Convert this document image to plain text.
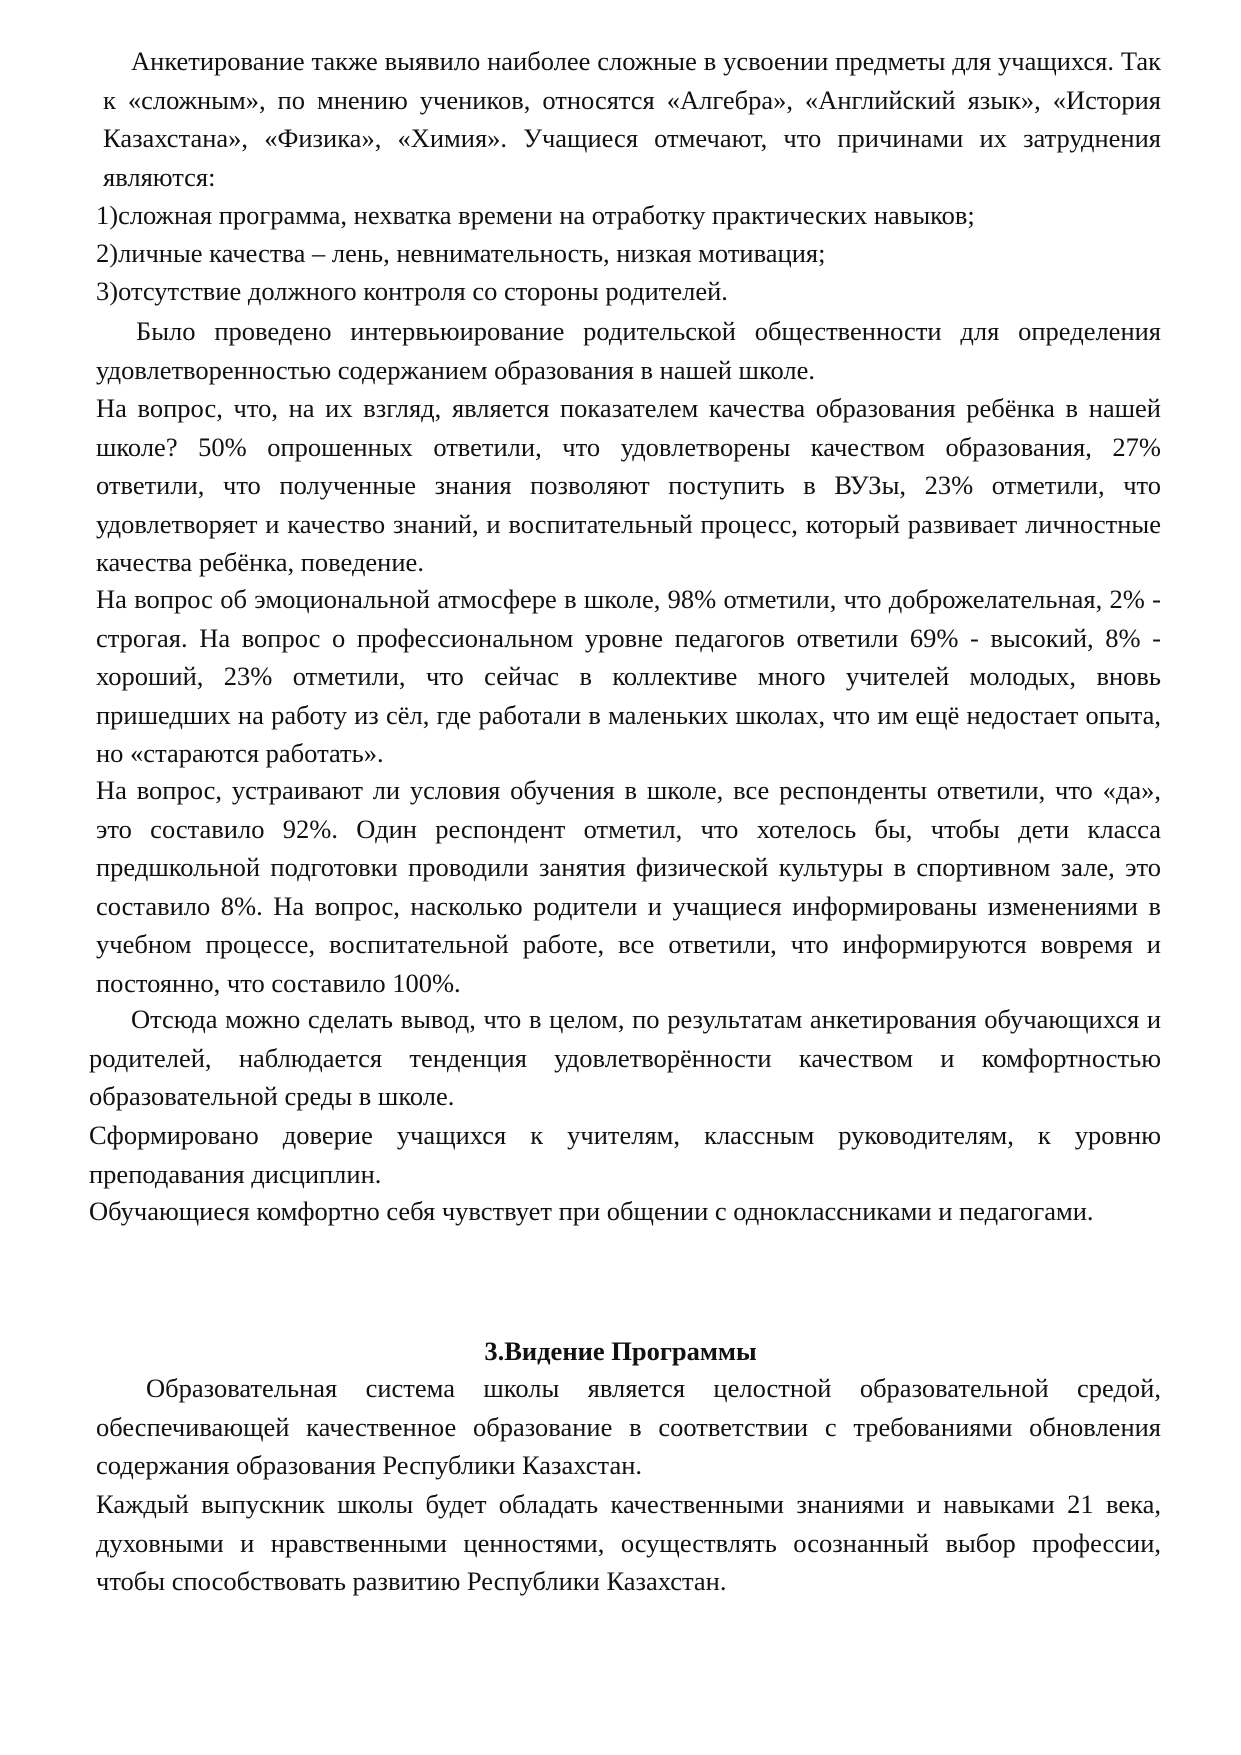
Анкетирование также выявило наиболее сложные в усвоении предметы для учащихся. Так к «сложным», по мнению учеников, относятся «Алгебра», «Английский язык», «История Казахстана», «Физика», «Химия». Учащиеся отмечают, что причинами их затруднения являются:

1)сложная программа, нехватка времени на отработку практических навыков;

2)личные качества – лень, невнимательность, низкая мотивация;

3)отсутствие должного контроля со стороны родителей.

Было проведено интервьюирование родительской общественности для определения удовлетворенностью содержанием образования в нашей школе.

На вопрос, что, на их взгляд, является показателем качества образования ребёнка в нашей школе? 50% опрошенных ответили, что удовлетворены качеством образования, 27% ответили, что полученные знания позволяют поступить в ВУЗы, 23% отметили, что удовлетворяет и качество знаний, и воспитательный процесс, который развивает личностные качества ребёнка, поведение.

На вопрос об эмоциональной атмосфере в школе, 98% отметили, что доброжелательная, 2% - строгая. На вопрос о профессиональном уровне педагогов ответили 69% - высокий, 8% - хороший, 23% отметили, что сейчас в коллективе много учителей молодых, вновь пришедших на работу из сёл, где работали в маленьких школах, что им ещё недостает опыта, но «стараются работать».

На вопрос, устраивают ли условия обучения в школе, все респонденты ответили, что «да», это составило 92%. Один респондент отметил, что хотелось бы, чтобы дети класса предшкольной подготовки проводили занятия физической культуры в спортивном зале, это составило 8%. На вопрос, насколько родители и учащиеся информированы изменениями в учебном процессе, воспитательной работе, все ответили, что информируются вовремя и постоянно, что составило 100%.

Отсюда можно сделать вывод, что в целом, по результатам анкетирования обучающихся и родителей, наблюдается тенденция удовлетворённости качеством и комфортностью образовательной среды в школе.

Сформировано доверие учащихся к учителям, классным руководителям, к уровню преподавания дисциплин.

Обучающиеся комфортно себя чувствует при общении с одноклассниками и педагогами.

3.Видение Программы

Образовательная система школы является целостной образовательной средой, обеспечивающей качественное образование в соответствии с требованиями обновления содержания образования Республики Казахстан.

Каждый выпускник школы будет обладать качественными знаниями и навыками 21 века, духовными и нравственными ценностями, осуществлять осознанный выбор профессии, чтобы способствовать развитию Республики Казахстан.
